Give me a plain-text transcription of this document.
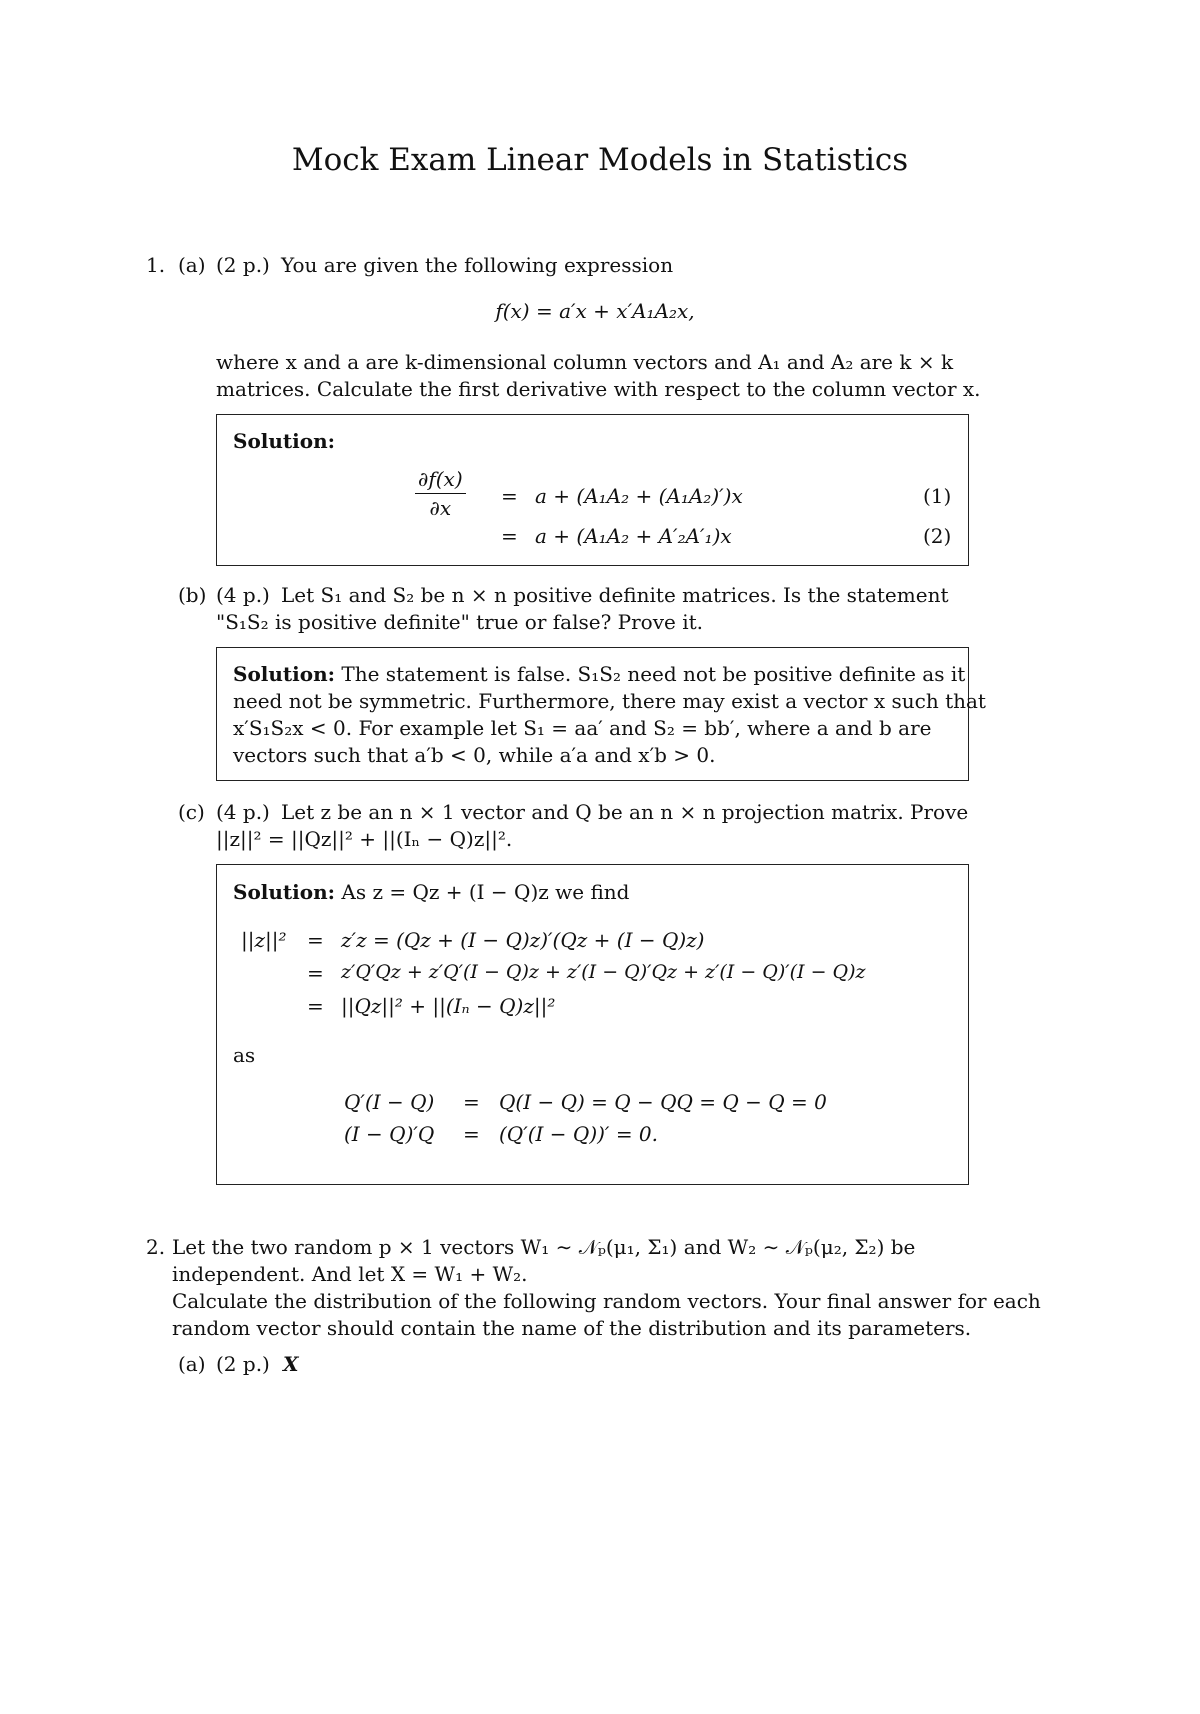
Mock Exam Linear Models in Statistics
1. (a) (2 p.) You are given the following expression
f(x) = a′x + x′A₁A₂x,
where x and a are k-dimensional column vectors and A₁ and A₂ are k × k
matrices. Calculate the first derivative with respect to the column vector x.
Solution:
$\frac{\partial f(x)}{\partial x} = a + (A_1A_2 + (A_1A_2)')x$	(1)
= a + (A₁A₂ + A′₂A′₁)x	(2)
(b) (4 p.) Let S₁ and S₂ be n × n positive definite matrices. Is the statement
"S₁S₂ is positive definite" true or false? Prove it.
Solution: The statement is false. S₁S₂ need not be positive definite as it
need not be symmetric. Furthermore, there may exist a vector x such that
x′S₁S₂x < 0. For example let S₁ = aa′ and S₂ = bb′, where a and b are
vectors such that a′b < 0, while a′a and x′b > 0.
(c) (4 p.) Let z be an n × 1 vector and Q be an n × n projection matrix. Prove
||z||² = ||Qz||² + ||(Iₙ − Q)z||².
Solution: As z = Qz + (I − Q)z we find
||z||² = z′z = (Qz + (I − Q)z)′(Qz + (I − Q)z)
= z′Q′Qz + z′Q′(I − Q)z + z′(I − Q)′Qz + z′(I − Q)′(I − Q)z
= ||Qz||² + ||(Iₙ − Q)z||²
as
Q′(I − Q) = Q(I − Q) = Q − QQ = Q − Q = 0
(I − Q)′Q = (Q′(I − Q))′ = 0.
2. Let the two random p × 1 vectors W₁ ∼ 𝒩ₚ(μ₁, Σ₁) and W₂ ∼ 𝒩ₚ(μ₂, Σ₂) be
independent. And let X = W₁ + W₂.
Calculate the distribution of the following random vectors. Your final answer for each
random vector should contain the name of the distribution and its parameters.
(a) (2 p.) X
